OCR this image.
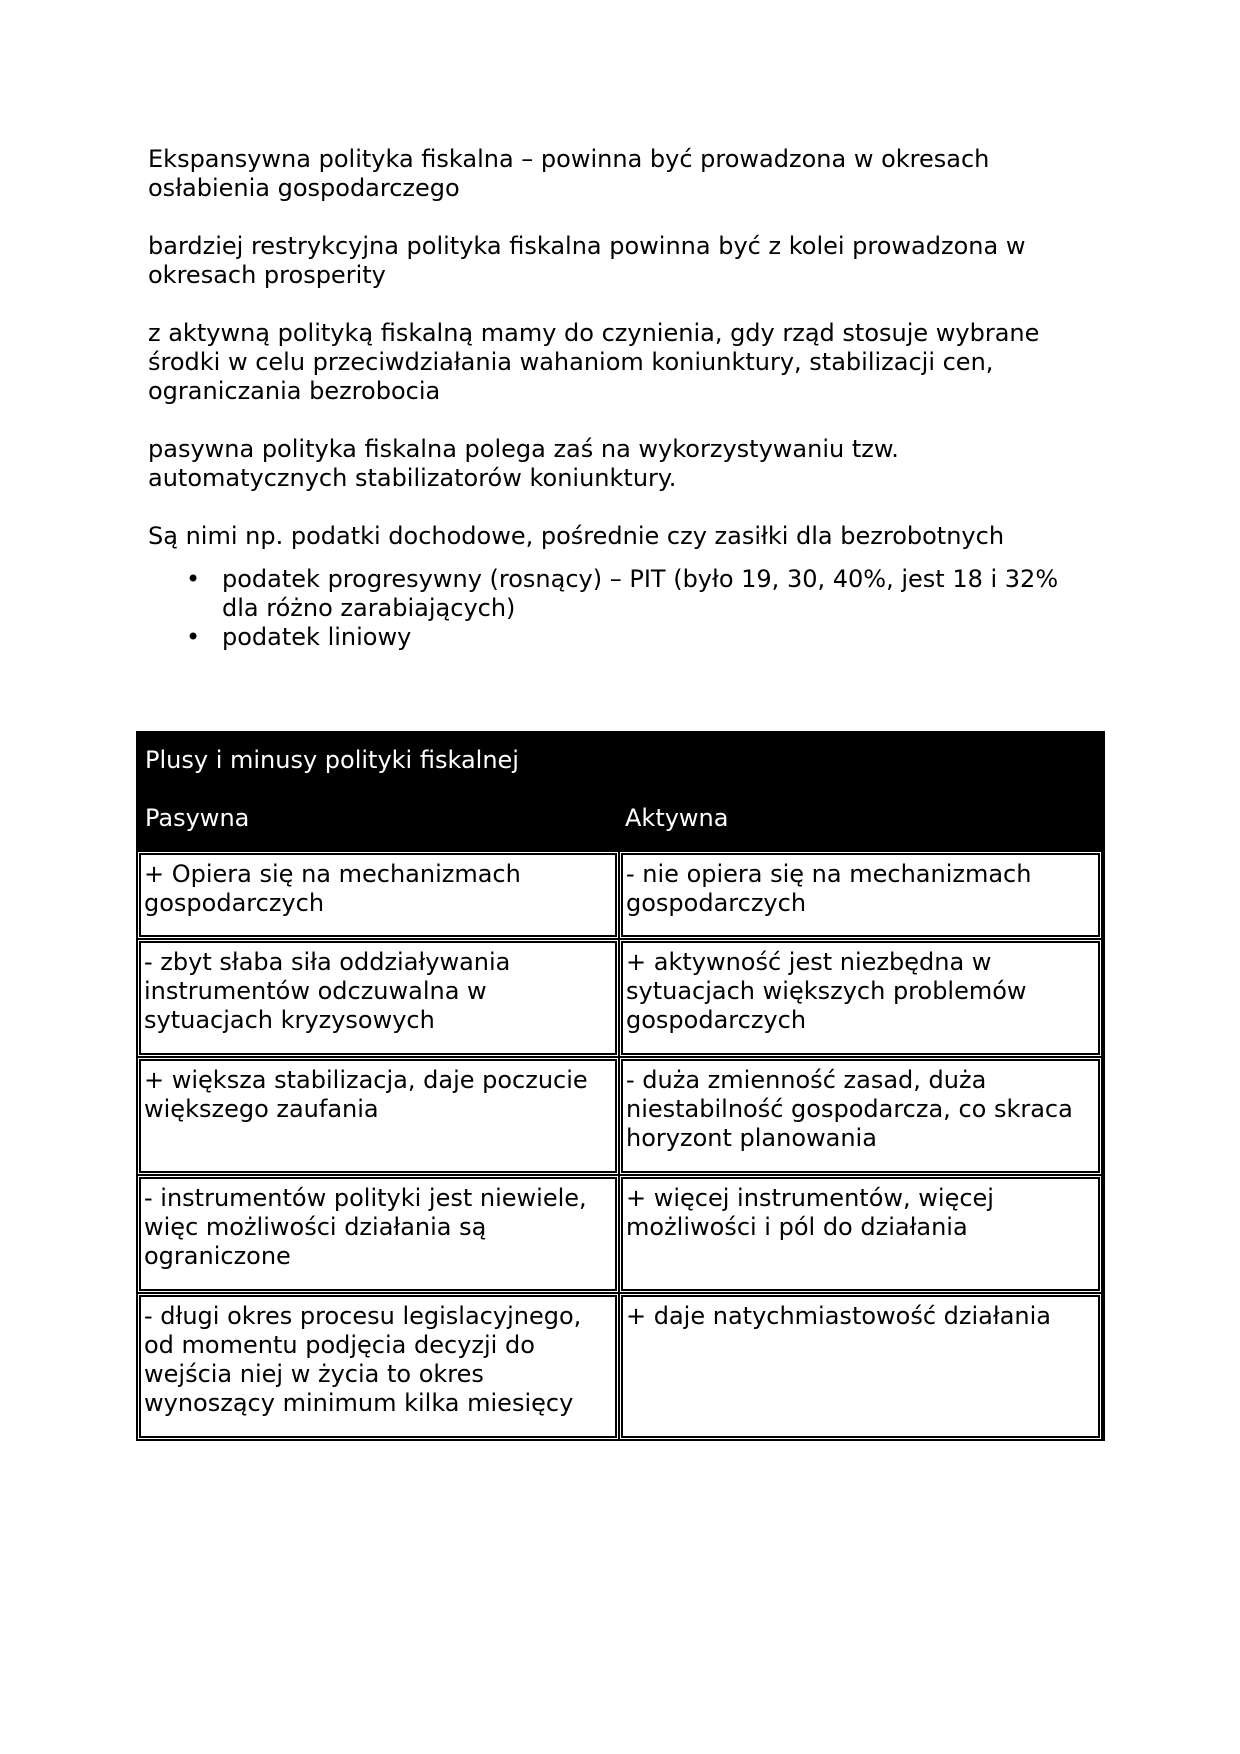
Ekspansywna polityka fiskalna – powinna być prowadzona w okresach osłabienia gospodarczego

bardziej restrykcyjna polityka fiskalna powinna być z kolei prowadzona w okresach prosperity

z aktywną polityką fiskalną mamy do czynienia, gdy rząd stosuje wybrane środki w celu przeciwdziałania wahaniom koniunktury, stabilizacji cen, ograniczania bezrobocia

pasywna polityka fiskalna polega zaś na wykorzystywaniu tzw. automatycznych stabilizatorów koniunktury.

Są nimi np. podatki dochodowe, pośrednie czy zasiłki dla bezrobotnych

• podatek progresywny (rosnący) – PIT (było 19, 30, 40%, jest 18 i 32% dla różno zarabiających)
• podatek liniowy
Plusy i minusy polityki fiskalnej
Pasywna	Aktywna
+ Opiera się na mechanizmach gospodarczych
- nie opiera się na mechanizmach gospodarczych
- zbyt słaba siła oddziaływania instrumentów odczuwalna w sytuacjach kryzysowych
+ aktywność jest niezbędna w sytuacjach większych problemów gospodarczych
+ większa stabilizacja, daje poczucie większego zaufania
- duża zmienność zasad, duża niestabilność gospodarcza, co skraca horyzont planowania
- instrumentów polityki jest niewiele, więc możliwości działania są ograniczone
+ więcej instrumentów, więcej możliwości i pól do działania
- długi okres procesu legislacyjnego, od momentu podjęcia decyzji do wejścia niej w życia to okres wynoszący minimum kilka miesięcy
+ daje natychmiastowość działania
